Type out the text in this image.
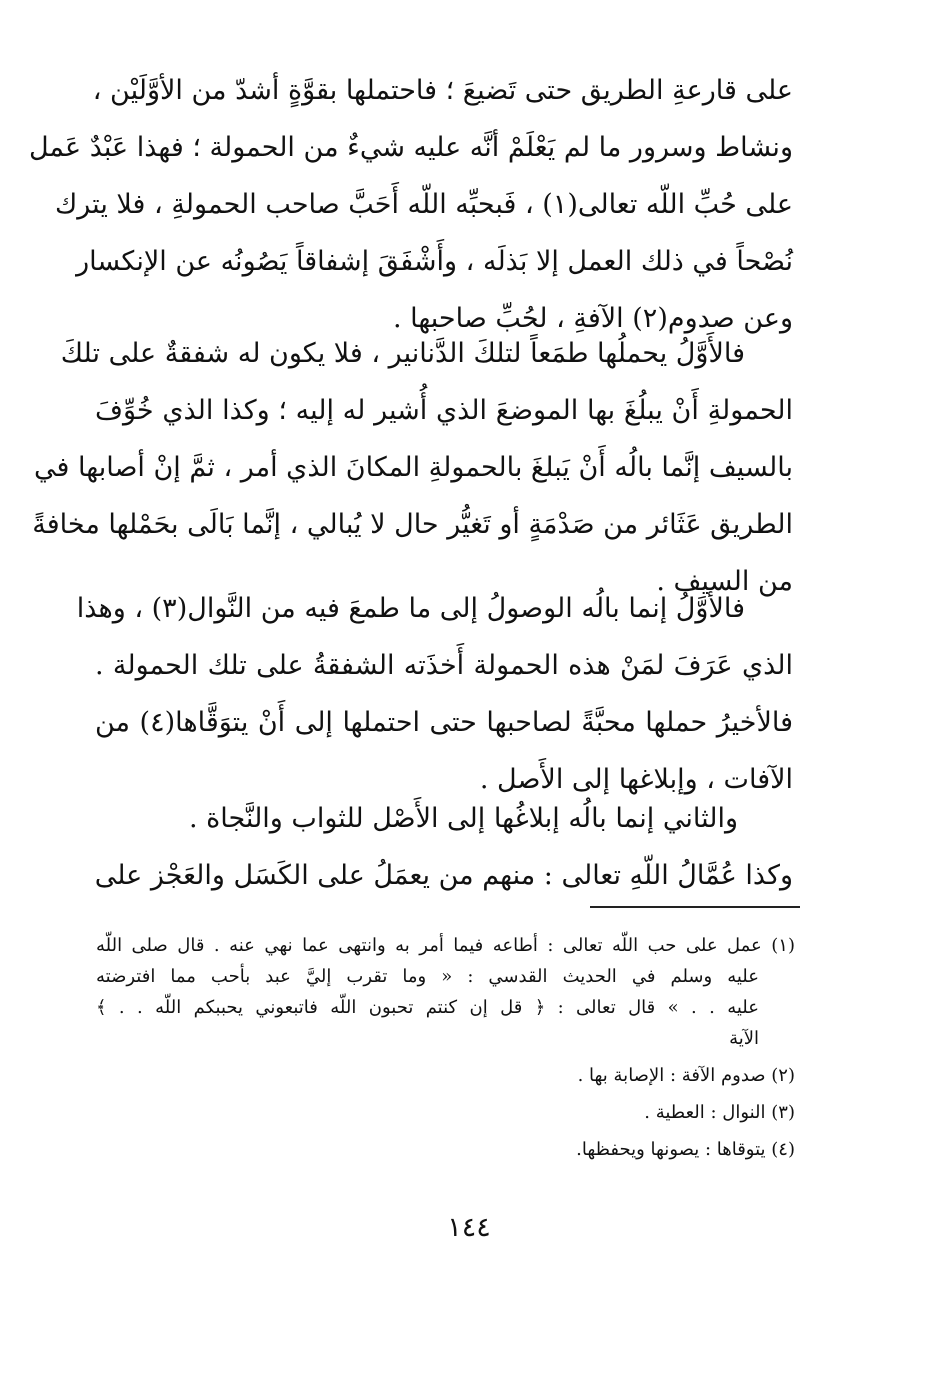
على قارعةِ الطريق حتى تَضيعَ ؛ فاحتملها بقوَّةٍ أشدّ من الأوَّلَيْن ،
ونشاط وسرور ما لم يَعْلَمْ أنَّه عليه شيءٌ من الحمولة ؛ فهذا عَبْدٌ عَمل
على حُبِّ اللّه تعالى(١) ، فَبحبِّه اللّه أَحَبَّ صاحب الحمولةِ ، فلا يترك
نُصْحاً في ذلك العمل إلا بَذلَه ، وأَشْفَقَ إشفاقاً يَصُونُه عن الإنكسار
وعن صدوم(٢) الآفةِ ، لحُبِّ صاحبها .
فالأَوَّلُ يحملُها طمَعاً لتلكَ الدَّنانير ، فلا يكون له شفقةٌ على تلكَ
الحمولةِ أَنْ يبلُغَ بها الموضعَ الذي أُشير له إليه ؛ وكذا الذي خُوِّفَ
بالسيف إنَّما بالُه أَنْ يَبلغَ بالحمولةِ المكانَ الذي أمر ، ثمَّ إنْ أصابها في
الطريق عَثَائر من صَدْمَةٍ أو تَغيُّر حال لا يُبالي ، إنَّما بَالَى بحَمْلها مخافةً
من السيف .
فالأَوَّلُ إنما بالُه الوصولُ إلى ما طمعَ فيه من النَّوال(٣) ، وهذا
الذي عَرَفَ لمَنْ هذه الحمولة أَخذَته الشفقةُ على تلك الحمولة .
فالأخيرُ حملها محبَّةً لصاحبها حتى احتملها إلى أَنْ يتوَقَّاها(٤) من
الآفات ، وإبلاغها إلى الأَصل .
والثاني إنما بالُه إبلاغُها إلى الأَصْل للثواب والنَّجاة .
وكذا عُمَّالُ اللّهِ تعالى : منهم من يعمَلُ على الكَسَل والعَجْز على
(١) عمل على حب اللّه تعالى : أطاعه فيما أمر به وانتهى عما نهي عنه . قال صلى اللّه
عليه وسلم في الحديث القدسي : « وما تقرب إليَّ عبد بأحب مما افترضته
عليه . . » قال تعالى : ﴿ قل إن كنتم تحبون اللّه فاتبعوني يحببكم اللّه . . ﴾
الآية
(٢) صدوم الآفة : الإصابة بها .
(٣) النوال : العطية .
(٤) يتوقاها : يصونها ويحفظها.
١٤٤
